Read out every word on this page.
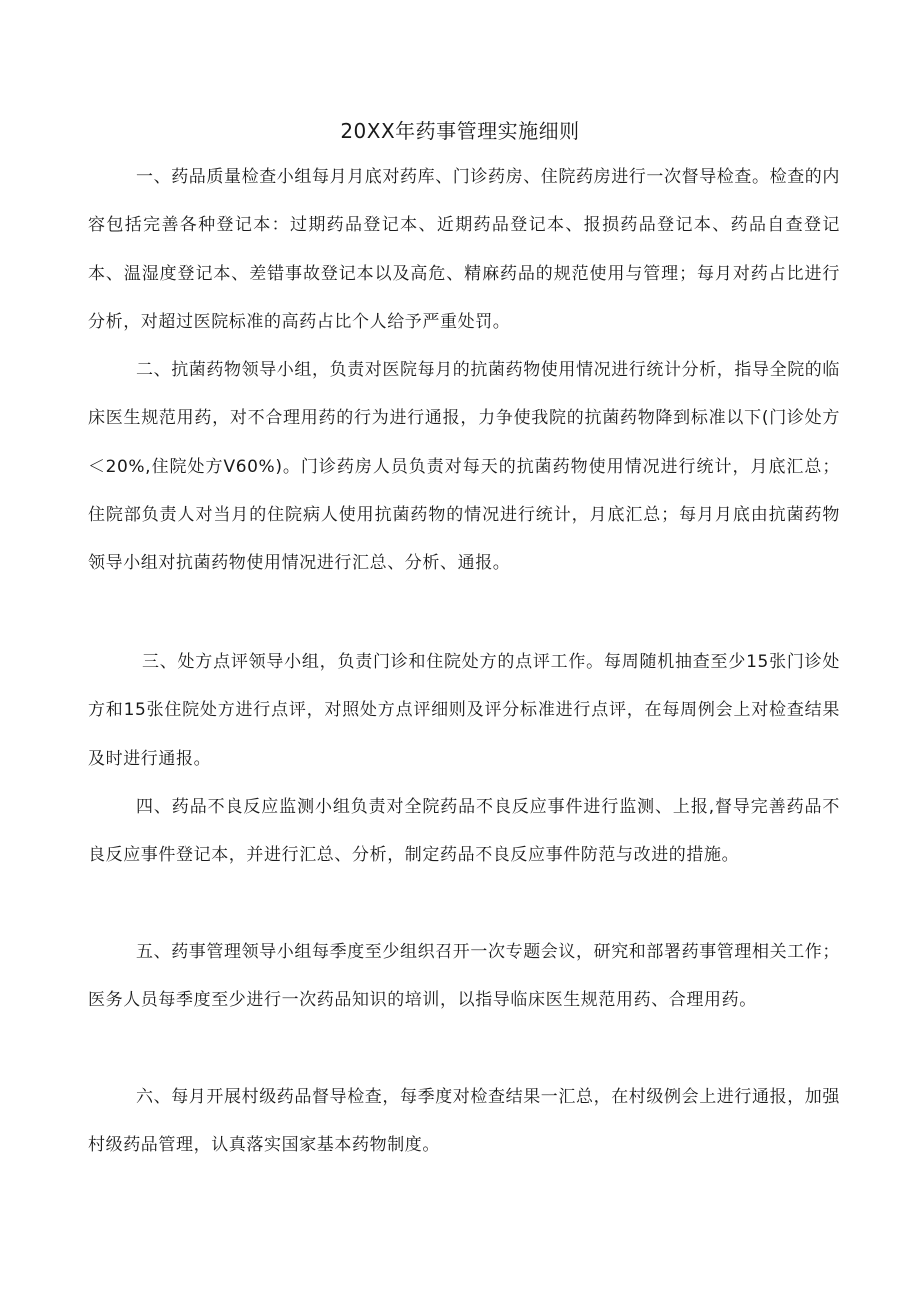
20XX年药事管理实施细则

一、药品质量检查小组每月月底对药库、门诊药房、住院药房进行一次督导检查。检查的内容包括完善各种登记本：过期药品登记本、近期药品登记本、报损药品登记本、药品自查登记本、温湿度登记本、差错事故登记本以及高危、精麻药品的规范使用与管理；每月对药占比进行分析，对超过医院标准的高药占比个人给予严重处罚。

二、抗菌药物领导小组，负责对医院每月的抗菌药物使用情况进行统计分析，指导全院的临床医生规范用药，对不合理用药的行为进行通报，力争使我院的抗菌药物降到标准以下(门诊处方＜20%,住院处方V60%)。门诊药房人员负责对每天的抗菌药物使用情况进行统计，月底汇总；住院部负责人对当月的住院病人使用抗菌药物的情况进行统计，月底汇总；每月月底由抗菌药物领导小组对抗菌药物使用情况进行汇总、分析、通报。

三、处方点评领导小组，负责门诊和住院处方的点评工作。每周随机抽查至少15张门诊处方和15张住院处方进行点评，对照处方点评细则及评分标准进行点评，在每周例会上对检查结果及时进行通报。

四、药品不良反应监测小组负责对全院药品不良反应事件进行监测、上报,督导完善药品不良反应事件登记本，并进行汇总、分析，制定药品不良反应事件防范与改进的措施。

五、药事管理领导小组每季度至少组织召开一次专题会议，研究和部署药事管理相关工作；医务人员每季度至少进行一次药品知识的培训，以指导临床医生规范用药、合理用药。

六、每月开展村级药品督导检查，每季度对检查结果一汇总，在村级例会上进行通报，加强村级药品管理，认真落实国家基本药物制度。
